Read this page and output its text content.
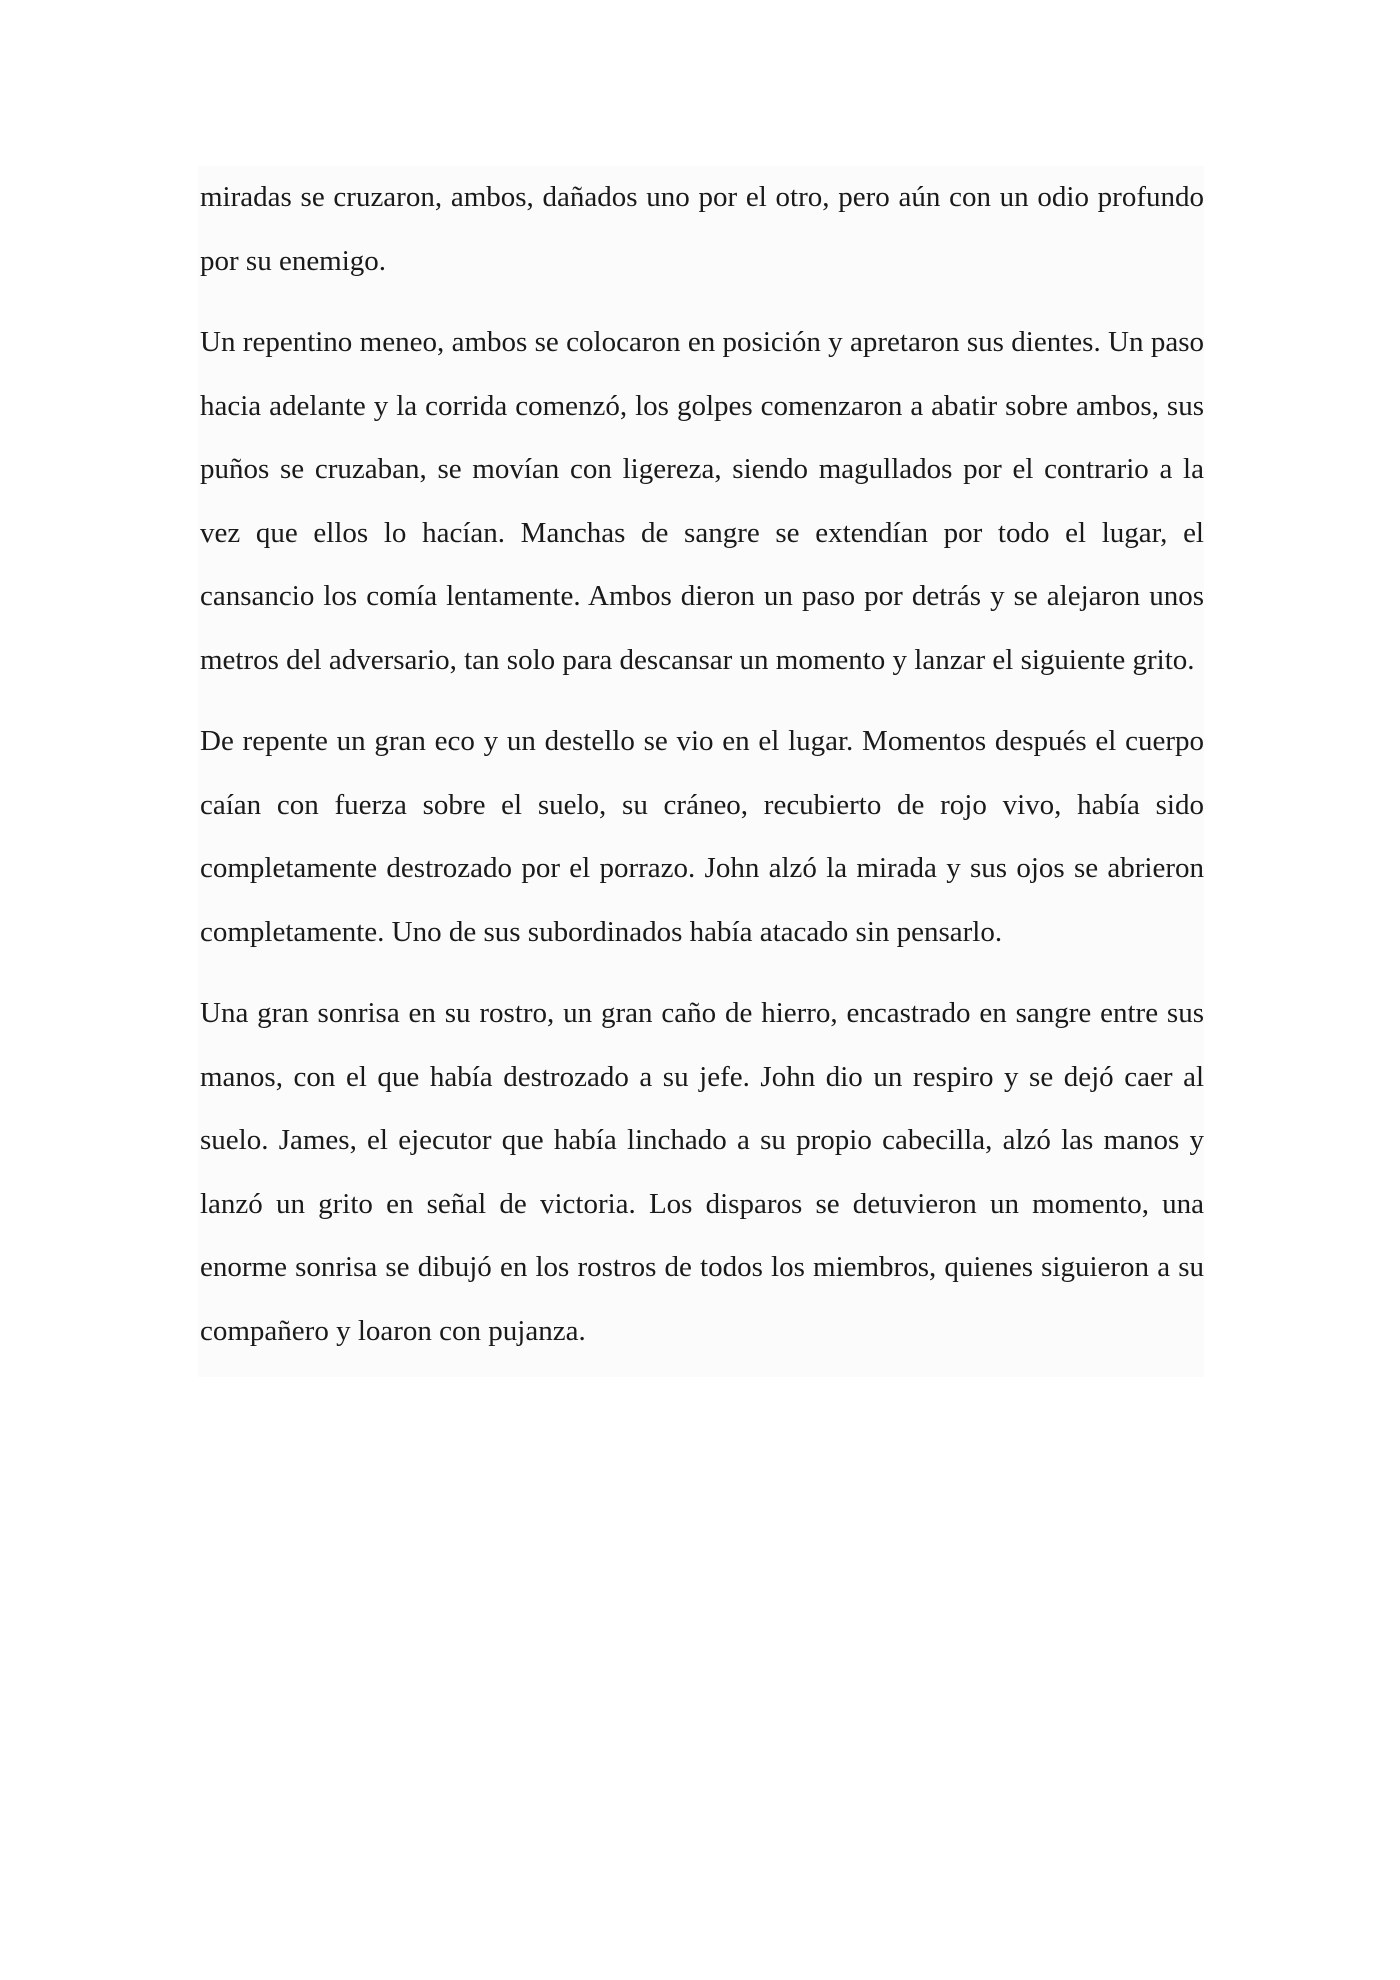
miradas se cruzaron, ambos, dañados uno por el otro, pero aún con un odio profundo por su enemigo.

Un repentino meneo, ambos se colocaron en posición y apretaron sus dientes. Un paso hacia adelante y la corrida comenzó, los golpes comenzaron a abatir sobre ambos, sus puños se cruzaban, se movían con ligereza, siendo magullados por el contrario a la vez que ellos lo hacían. Manchas de sangre se extendían por todo el lugar, el cansancio los comía lentamente. Ambos dieron un paso por detrás y se alejaron unos metros del adversario, tan solo para descansar un momento y lanzar el siguiente grito.

De repente un gran eco y un destello se vio en el lugar. Momentos después el cuerpo caían con fuerza sobre el suelo, su cráneo, recubierto de rojo vivo, había sido completamente destrozado por el porrazo. John alzó la mirada y sus ojos se abrieron completamente. Uno de sus subordinados había atacado sin pensarlo.

Una gran sonrisa en su rostro, un gran caño de hierro, encastrado en sangre entre sus manos, con el que había destrozado a su jefe. John dio un respiro y se dejó caer al suelo. James, el ejecutor que había linchado a su propio cabecilla, alzó las manos y lanzó un grito en señal de victoria. Los disparos se detuvieron un momento, una enorme sonrisa se dibujó en los rostros de todos los miembros, quienes siguieron a su compañero y loaron con pujanza.
